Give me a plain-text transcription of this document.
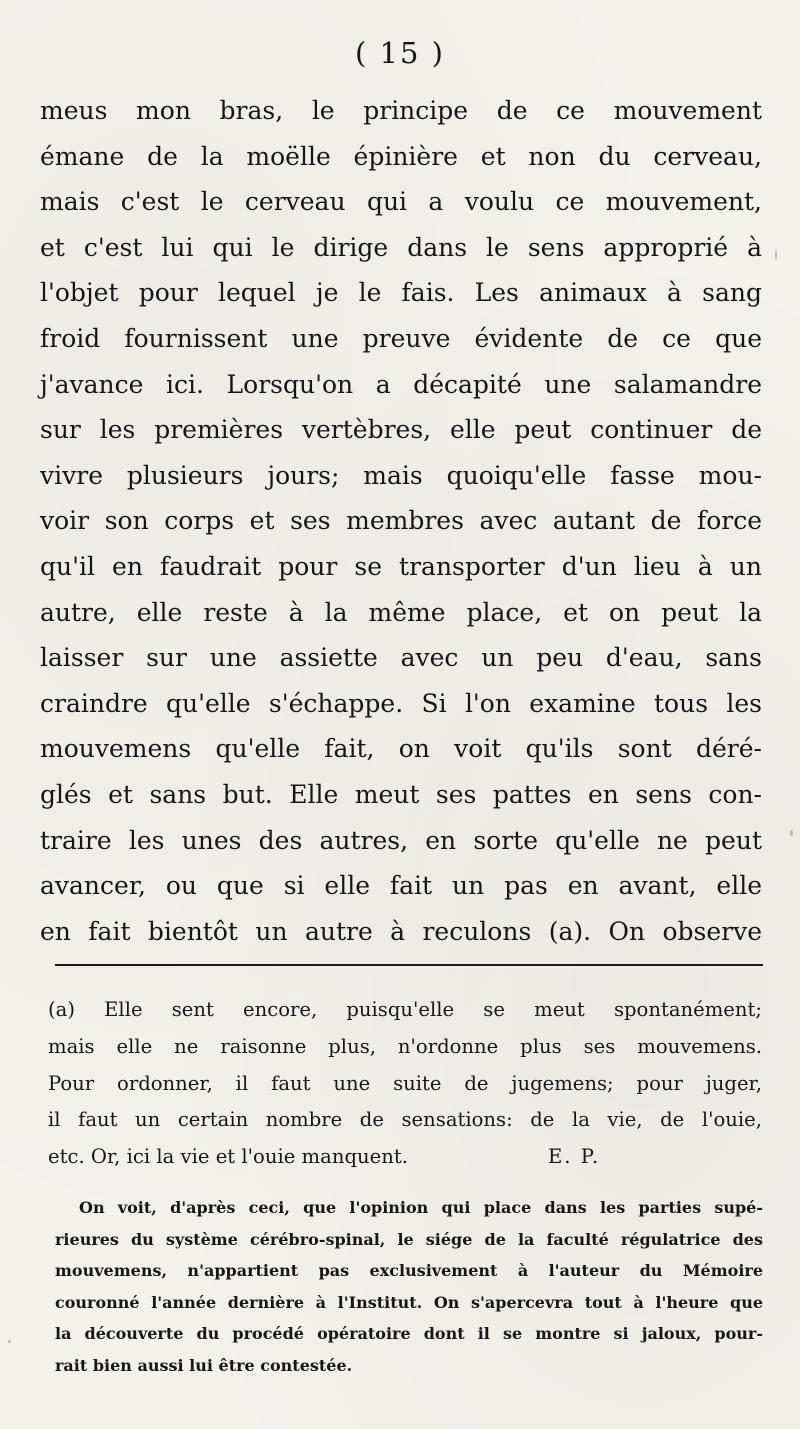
( 15 )
meus mon bras, le principe de ce mouvement
émane de la moëlle épinière et non du cerveau,
mais c'est le cerveau qui a voulu ce mouvement,
et c'est lui qui le dirige dans le sens approprié à
l'objet pour lequel je le fais. Les animaux à sang
froid fournissent une preuve évidente de ce que
j'avance ici. Lorsqu'on a décapité une salamandre
sur les premières vertèbres, elle peut continuer de
vivre plusieurs jours; mais quoiqu'elle fasse mou-
voir son corps et ses membres avec autant de force
qu'il en faudrait pour se transporter d'un lieu à un
autre, elle reste à la même place, et on peut la
laisser sur une assiette avec un peu d'eau, sans
craindre qu'elle s'échappe. Si l'on examine tous les
mouvemens qu'elle fait, on voit qu'ils sont déré-
glés et sans but. Elle meut ses pattes en sens con-
traire les unes des autres, en sorte qu'elle ne peut
avancer, ou que si elle fait un pas en avant, elle
en fait bientôt un autre à reculons (a). On observe
(a) Elle sent encore, puisqu'elle se meut spontanément;
mais elle ne raisonne plus, n'ordonne plus ses mouvemens.
Pour ordonner, il faut une suite de jugemens; pour juger,
il faut un certain nombre de sensations: de la vie, de l'ouie,
etc. Or, ici la vie et l'ouie manquent.	E. P.
On voit, d'après ceci, que l'opinion qui place dans les parties supé-
rieures du système cérébro-spinal, le siége de la faculté régulatrice des
mouvemens, n'appartient pas exclusivement à l'auteur du Mémoire
couronné l'année dernière à l'Institut. On s'apercevra tout à l'heure que
la découverte du procédé opératoire dont il se montre si jaloux, pour-
rait bien aussi lui être contestée.
